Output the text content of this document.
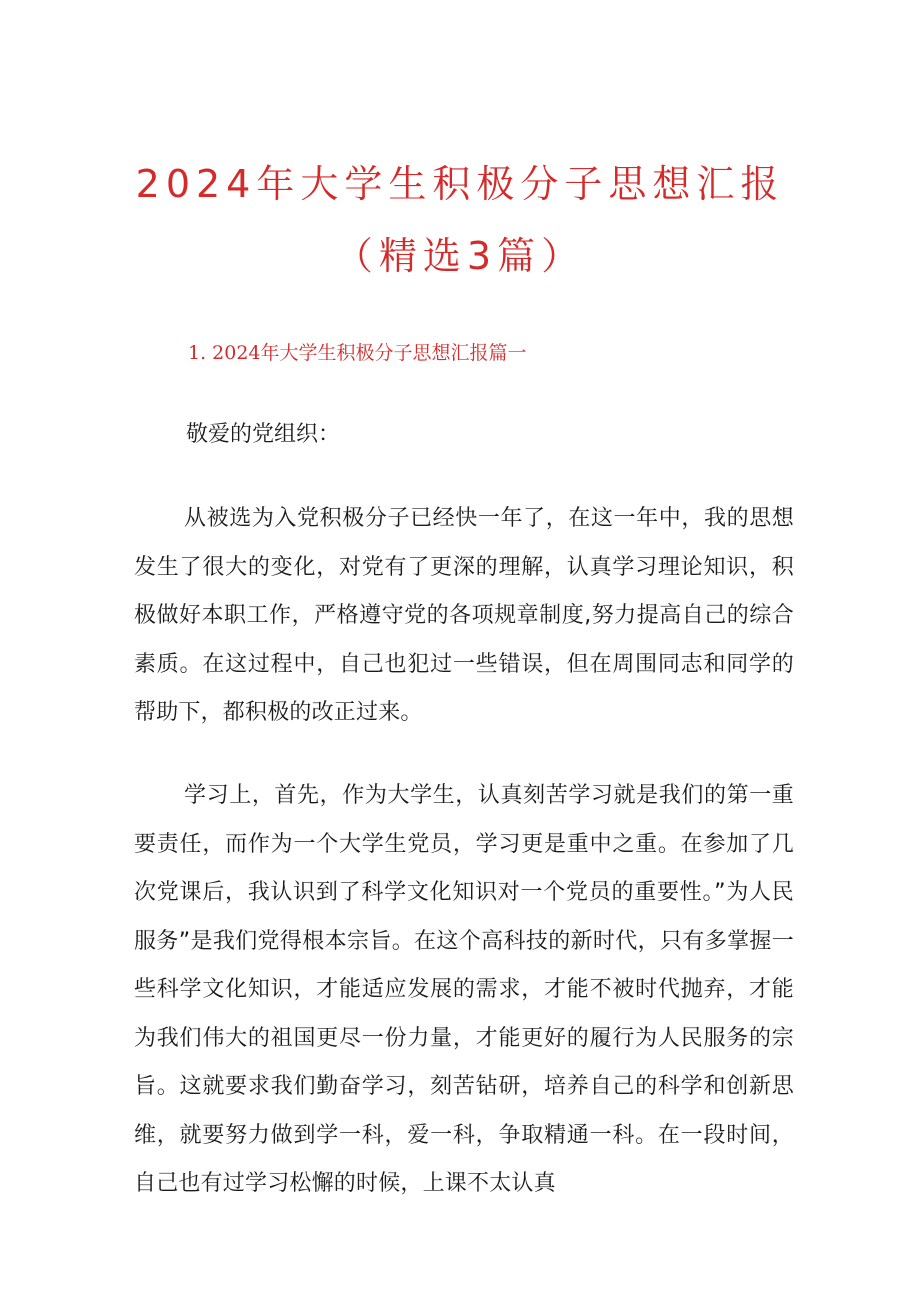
2024年大学生积极分子思想汇报（精选3篇）
1. 2024年大学生积极分子思想汇报篇一

敬爱的党组织：

从被选为入党积极分子已经快一年了，在这一年中，我的思想发生了很大的变化，对党有了更深的理解，认真学习理论知识，积极做好本职工作，严格遵守党的各项规章制度,努力提高自己的综合素质。在这过程中，自己也犯过一些错误，但在周围同志和同学的帮助下，都积极的改正过来。

学习上，首先，作为大学生，认真刻苦学习就是我们的第一重要责任，而作为一个大学生党员，学习更是重中之重。在参加了几次党课后，我认识到了科学文化知识对一个党员的重要性。”为人民服务”是我们党得根本宗旨。在这个高科技的新时代，只有多掌握一些科学文化知识，才能适应发展的需求，才能不被时代抛弃，才能为我们伟大的祖国更尽一份力量，才能更好的履行为人民服务的宗旨。这就要求我们勤奋学习，刻苦钻研，培养自己的科学和创新思维，就要努力做到学一科，爱一科，争取精通一科。在一段时间，自己也有过学习松懈的时候，上课不太认真
